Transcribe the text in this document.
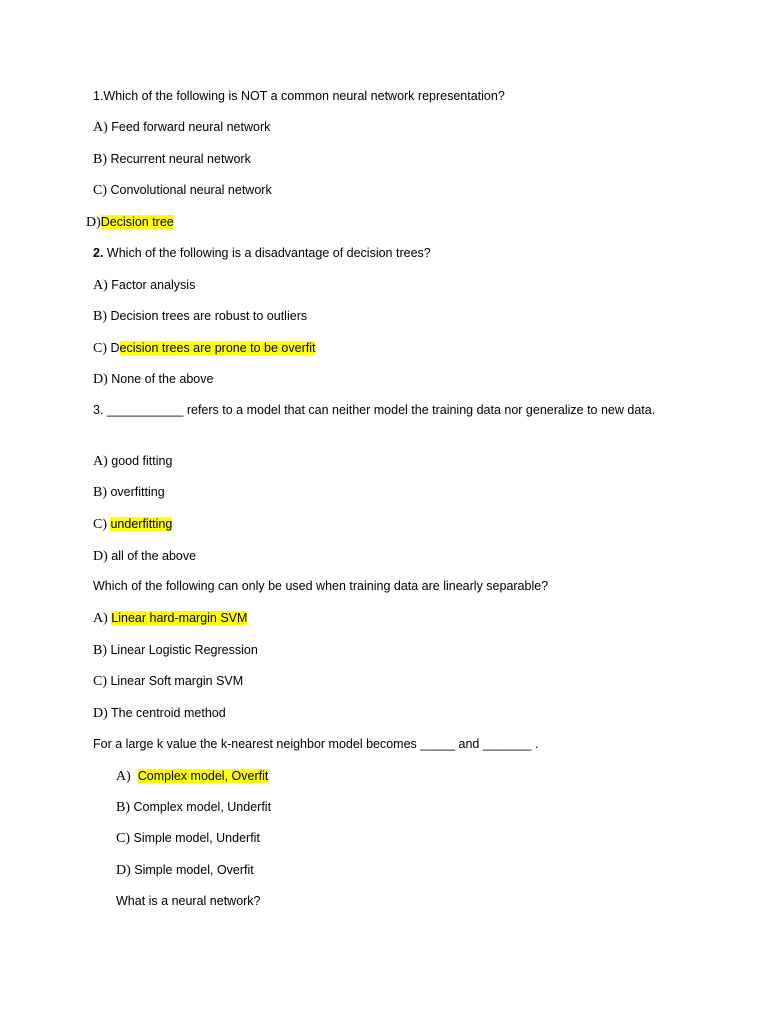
1.Which of the following is NOT a common neural network representation?
A) Feed forward neural network
B) Recurrent neural network
C) Convolutional neural network
D)Decision tree
2. Which of the following is a disadvantage of decision trees?
A) Factor analysis
B) Decision trees are robust to outliers
C) Decision trees are prone to be overfit
D) None of the above
3. ___________ refers to a model that can neither model the training data nor generalize to new data.
A) good fitting
B) overfitting
C) underfitting
D) all of the above
Which of the following can only be used when training data are linearly separable?
A) Linear hard-margin SVM
B) Linear Logistic Regression
C) Linear Soft margin SVM
D) The centroid method
For a large k value the k-nearest neighbor model becomes _____ and _______ .
A) Complex model, Overfit
B) Complex model, Underfit
C) Simple model, Underfit
D) Simple model, Overfit
What is a neural network?
